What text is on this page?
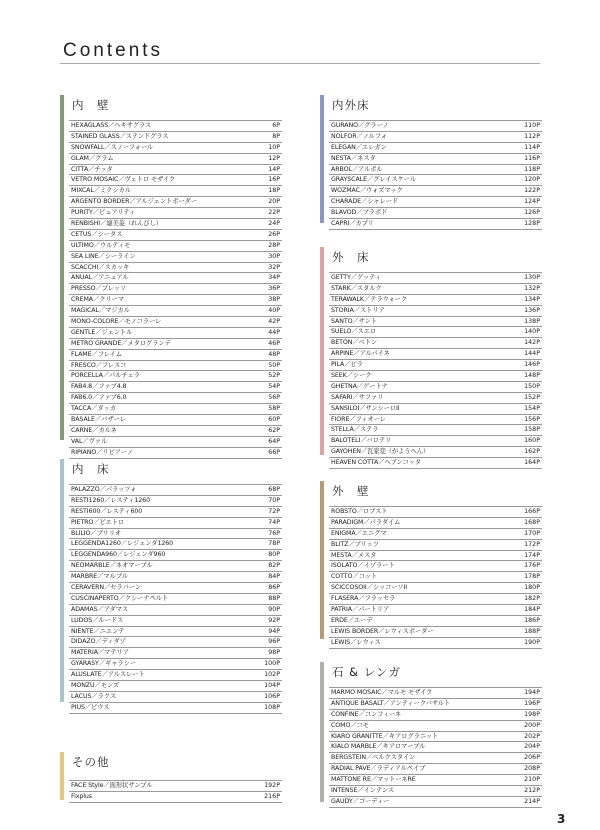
Contents
内　壁
HEXAGLASS／ヘキサグラス	6P
STAINED GLASS／ステンドグラス	8P
SNOWFALL／スノーフォール	10P
GLAM／グラム	12P
CITTA／チッタ	14P
VETRO MOSAIC／ヴェトロ モザイク	16P
MIXCAL／ミクシカル	18P
ARGENTO BORDER／アルジェントボーダー	20P
PURITY／ピュアリティ	22P
RENBISHI／連美菱（れんびし）	24P
CETUS／シータス	26P
ULTIMO／ウルティモ	28P
SEA LINE／シーライン	30P
SCACCHI／スカッキ	32P
ANUAL／アニュアル	34P
PRESSO／プレッソ	36P
CREMA／クリーマ	38P
MAGICAL／マジカル	40P
MONO-COLORE／モノコラーレ	42P
GENTLE／ジェントル	44P
METRO GRANDE／メタログランデ	46P
FLAME／フレイム	48P
FRESCO／フレスコ	50P
PORCELLA／パルチェラ	52P
FAB4.8／ファブ4.8	54P
FAB6.0／ファブ6.0	56P
TACCA／タッカ	58P
BASALE／バザーレ	60P
CARNE／カルネ	62P
VAL／ヴァル	64P
RIPIANO／リピアーノ	66P
内　床
PALAZZO／パラッツォ	68P
RESTI1260／レスティ1260	70P
RESTI600／レスティ600	72P
PIETRO／ピエトロ	74P
BLILIO／ブリリオ	76P
LEGGENDA1260／レジェンダ1260	78P
LEGGENDA960／レジェンダ960	80P
NEOMARBLE／ネオマーブル	82P
MARBRE／マルブル	84P
CERAVERN／セラバーン	86P
CUSCINAPERTO／クシーナペルト	88P
ADAMAS／アダマス	90P
LUDOS／ルードス	92P
NIENTE／ニエンテ	94P
DIDAZO／ディダゾ	96P
MATERIA／マテリア	98P
GYARASY／ギャラシー	100P
ALUSLATE／アルスレート	102P
MONZU／モンズ	104P
LACUS／ラクス	106P
PIUS／ピウス	108P
その他
FACE Style／面形状サンプル	192P
Fixplus	216P
内外床
GURANO／グラーノ	110P
NOLFOR／ノルフォ	112P
ELEGAN／エレガン	114P
NESTA／ネスタ	116P
ARBOL／アルボル	118P
GRAYSCALE／グレイスケール	120P
WOZMAC／ウォズマック	122P
CHARADE／シャレード	124P
BLAVOD／ブラボド	126P
CAPRI／カプリ	128P
外　床
GETTY／ゲッティ	130P
STARK／スタルク	132P
TERAWALK／テラウォーク	134P
STORIA／ストリア	136P
SANTO／サント	138P
SUELO／スエロ	140P
BETON／ベトン	142P
ARPINE／アルパイネ	144P
PILA／ピラ	146P
SEEK／シーク	148P
GHETNA／ゲートナ	150P
SAFARI／サファリ	152P
SANSILOI／サンシーロII	154P
FIORE／フィオーレ	156P
STELLA／ステラ	158P
BALOTELI／バロテリ	160P
GAYOHEN／瓦家変（がようへん）	162P
HEAVEN COTTA／ヘブンコッタ	164P
外　壁
ROBSTO／ロブスト	166P
PARADIGM／パラダイム	168P
ENIGMA／エニグマ	170P
BLITZ／ブリッツ	172P
MESTA／メスタ	174P
ISOLATO／イゾラート	176P
COTTO／コット	178P
SCICCOSOII／シッコーソII	180P
FLASERA／フラッセラ	182P
PATRIA／パートリア	184P
ERDE／エーデ	186P
LEWIS BORDER／レウィスボーダー	188P
LEWIS／レウィス	190P
石 & レンガ
MARMO MOSAIC／マルモ モザイク	194P
ANTIQUE BASALT／アンティークバサルト	196P
CONFINE／コンフィーネ	198P
COMO／コモ	200P
KIARO GRANITTE／キアログラニット	202P
KIALO MARBLE／キアロマーブル	204P
BERGSTEIN／ベルクスタイン	206P
RADIAL PAVE／ラディアルペイブ	208P
MATTONE RE／マットーネRE	210P
INTENSE／インテンス	212P
GAUDY／ゴーディー	214P
3
